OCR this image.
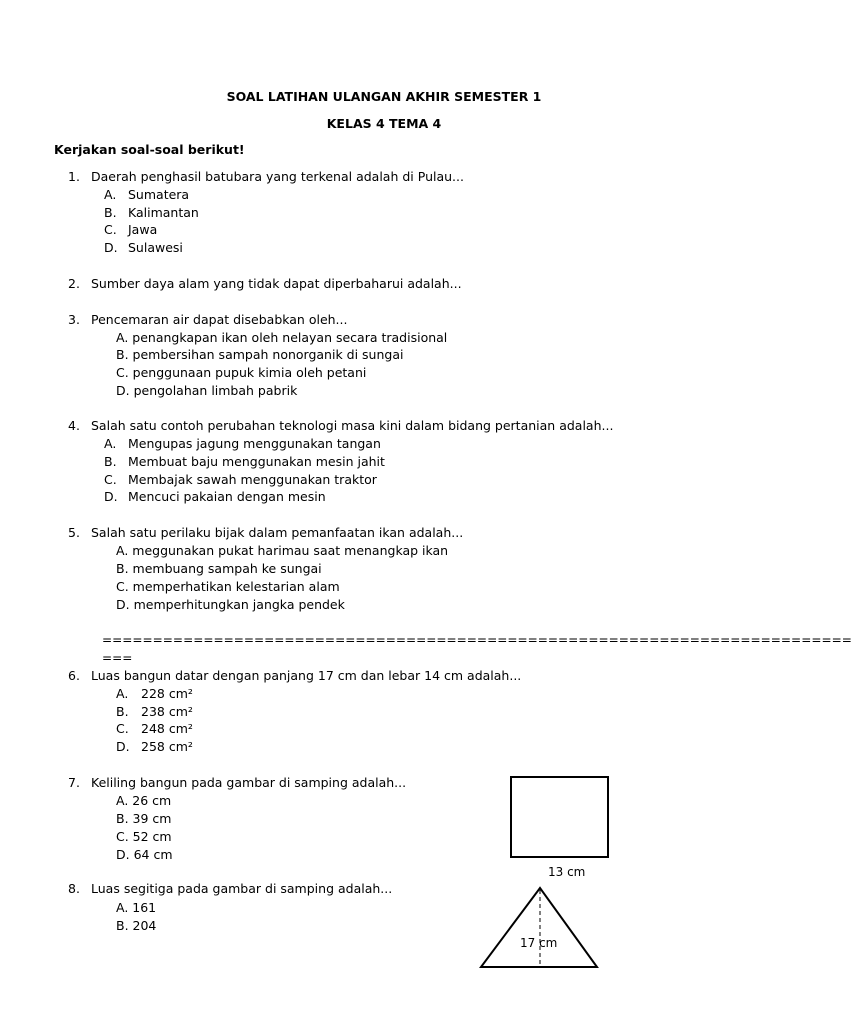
SOAL LATIHAN ULANGAN AKHIR SEMESTER 1
KELAS 4 TEMA 4
Kerjakan soal-soal berikut!
1. Daerah penghasil batubara yang terkenal adalah di Pulau...
A. Sumatera
B. Kalimantan
C. Jawa
D. Sulawesi
2. Sumber daya alam yang tidak dapat diperbaharui adalah...
3. Pencemaran air dapat disebabkan oleh...
A. penangkapan ikan oleh nelayan secara tradisional
B. pembersihan sampah nonorganik di sungai
C. penggunaan pupuk kimia oleh petani
D. pengolahan limbah pabrik
4. Salah satu contoh perubahan teknologi masa kini dalam bidang pertanian adalah...
A. Mengupas jagung menggunakan tangan
B. Membuat baju menggunakan mesin jahit
C. Membajak sawah menggunakan traktor
D. Mencuci pakaian dengan mesin
5. Salah satu perilaku bijak dalam pemanfaatan ikan adalah...
A. meggunakan pukat harimau saat menangkap ikan
B. membuang sampah ke sungai
C. memperhatikan kelestarian alam
D. memperhitungkan jangka pendek
==========================================================================
===
6. Luas bangun datar dengan panjang 17 cm dan lebar 14 cm adalah...
A. 228 cm²
B. 238 cm²
C. 248 cm²
D. 258 cm²
7. Keliling bangun pada gambar di samping adalah...
A. 26 cm
B. 39 cm
C. 52 cm
D. 64 cm
13 cm
8. Luas segitiga pada gambar di samping adalah...
A. 161
B. 204
17 cm
